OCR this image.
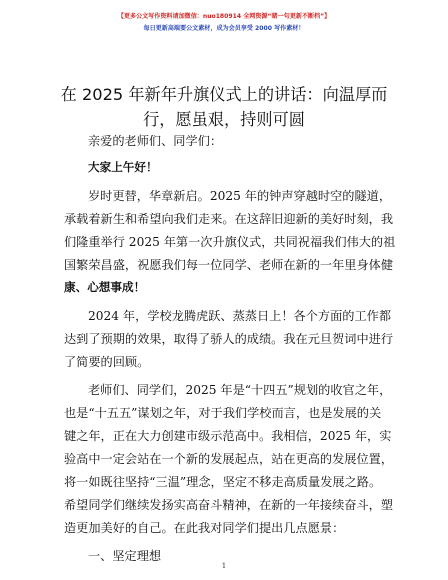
【更多公文写作资料请加微信：nuo180914 全网资源“睹一句更新不断档”】
每日更新高端要公文素材，成为会员享受 2000 写作素材！
在 2025 年新年升旗仪式上的讲话：向温厚而
行，愿虽艰，持则可圆
亲爱的老师们、同学们：
大家上午好！
岁时更替，华章新启。2025 年的钟声穿越时空的隧道，
承载着新生和希望向我们走来。在这辞旧迎新的美好时刻，我
们隆重举行 2025 年第一次升旗仪式，共同祝福我们伟大的祖
国繁荣昌盛，祝愿我们每一位同学、老师在新的一年里身体健
康、心想事成！
2024 年，学校龙腾虎跃、蒸蒸日上！各个方面的工作都
达到了预期的效果，取得了骄人的成绩。我在元旦贺词中进行
了简要的回顾。
老师们、同学们，2025 年是“十四五”规划的收官之年，
也是“十五五”谋划之年，对于我们学校而言，也是发展的关
键之年，正在大力创建市级示范高中。我相信，2025 年，实
验高中一定会站在一个新的发展起点，站在更高的发展位置，
将一如既往坚持“三温”理念，坚定不移走高质量发展之路。
希望同学们继续发扬实高奋斗精神，在新的一年接续奋斗，塑
造更加美好的自己。在此我对同学们提出几点愿景：
一、坚定理想
1
